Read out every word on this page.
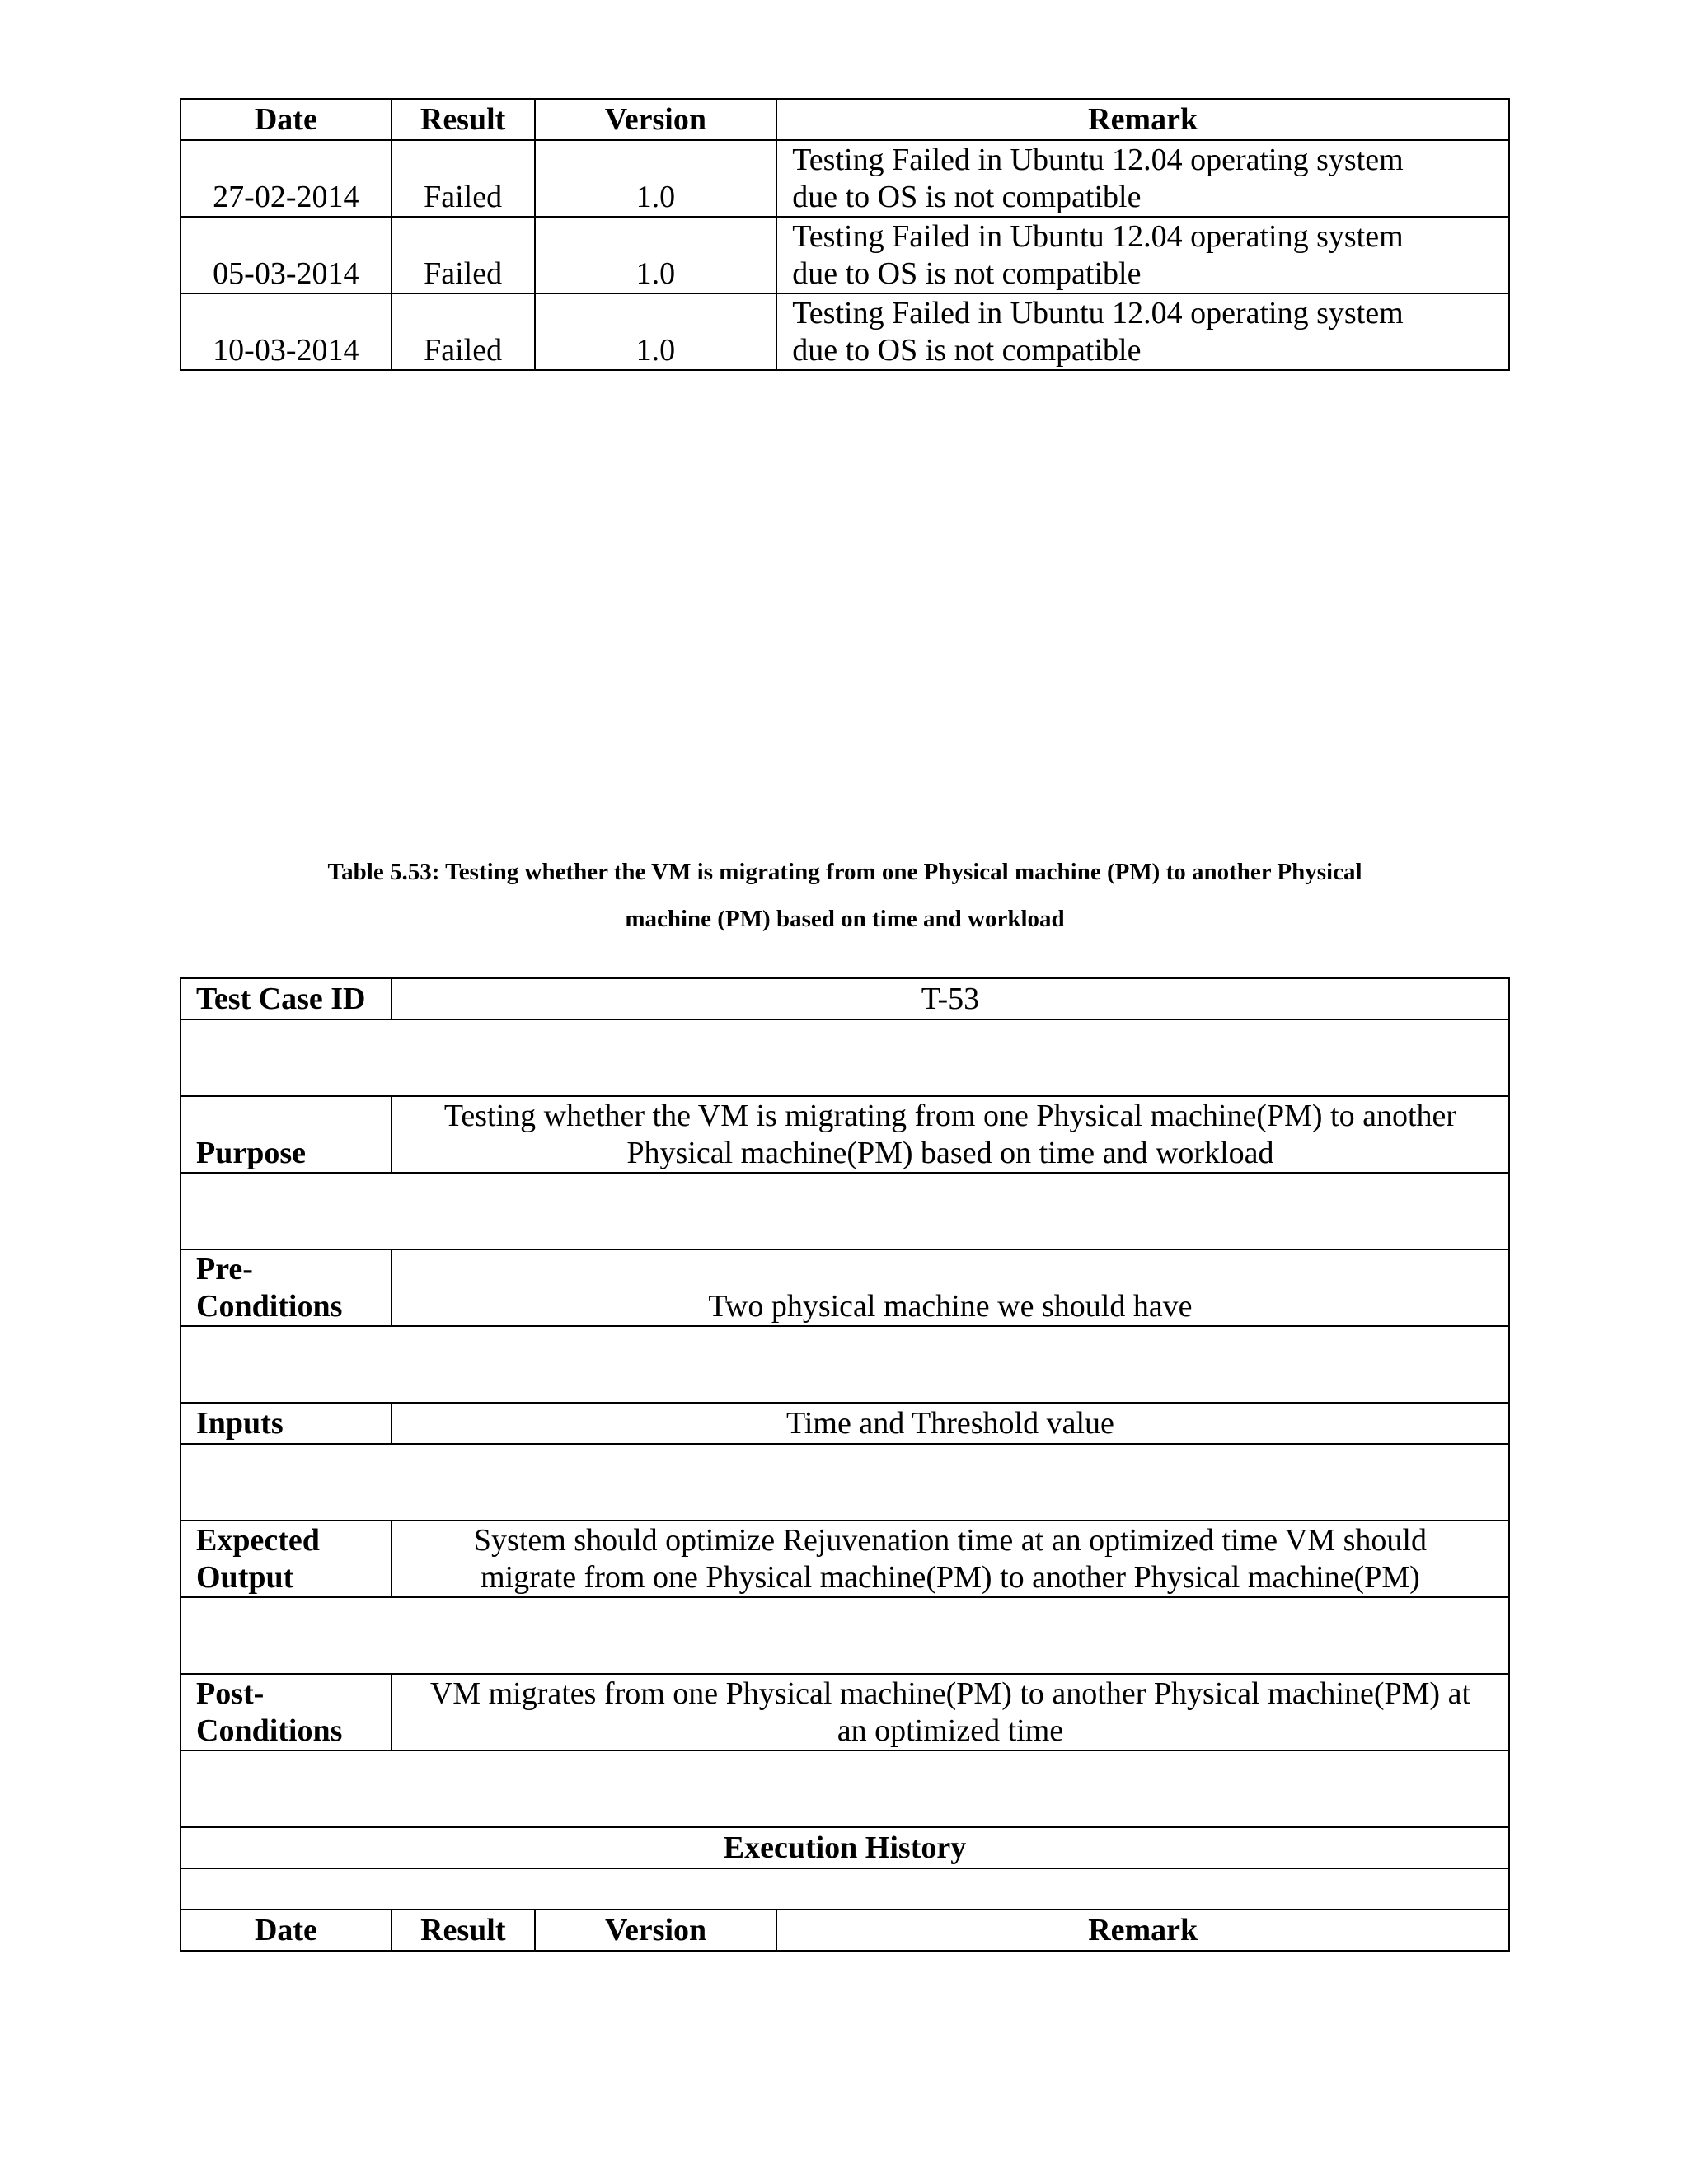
Date	Result	Version	Remark
27-02-2014	Failed	1.0	Testing Failed in Ubuntu 12.04 operating system
due to OS is not compatible
05-03-2014	Failed	1.0	Testing Failed in Ubuntu 12.04 operating system
due to OS is not compatible
10-03-2014	Failed	1.0	Testing Failed in Ubuntu 12.04 operating system
due to OS is not compatible
Table 5.53: Testing whether the VM is migrating from one Physical machine (PM) to another Physical
machine (PM) based on time and workload
Test Case ID	T-53		

Purpose	Testing whether the VM is migrating from one Physical machine(PM) to another
Physical machine(PM) based on time and workload		

Pre-
Conditions	Two physical machine we should have		

Inputs	Time and Threshold value		

Expected
Output	System should optimize Rejuvenation time at an optimized time VM should
migrate from one Physical machine(PM) to another Physical machine(PM)		

Post-
Conditions	VM migrates from one Physical machine(PM) to another Physical machine(PM) at
an optimized time		

Execution History			

Date	Result	Version	Remark
